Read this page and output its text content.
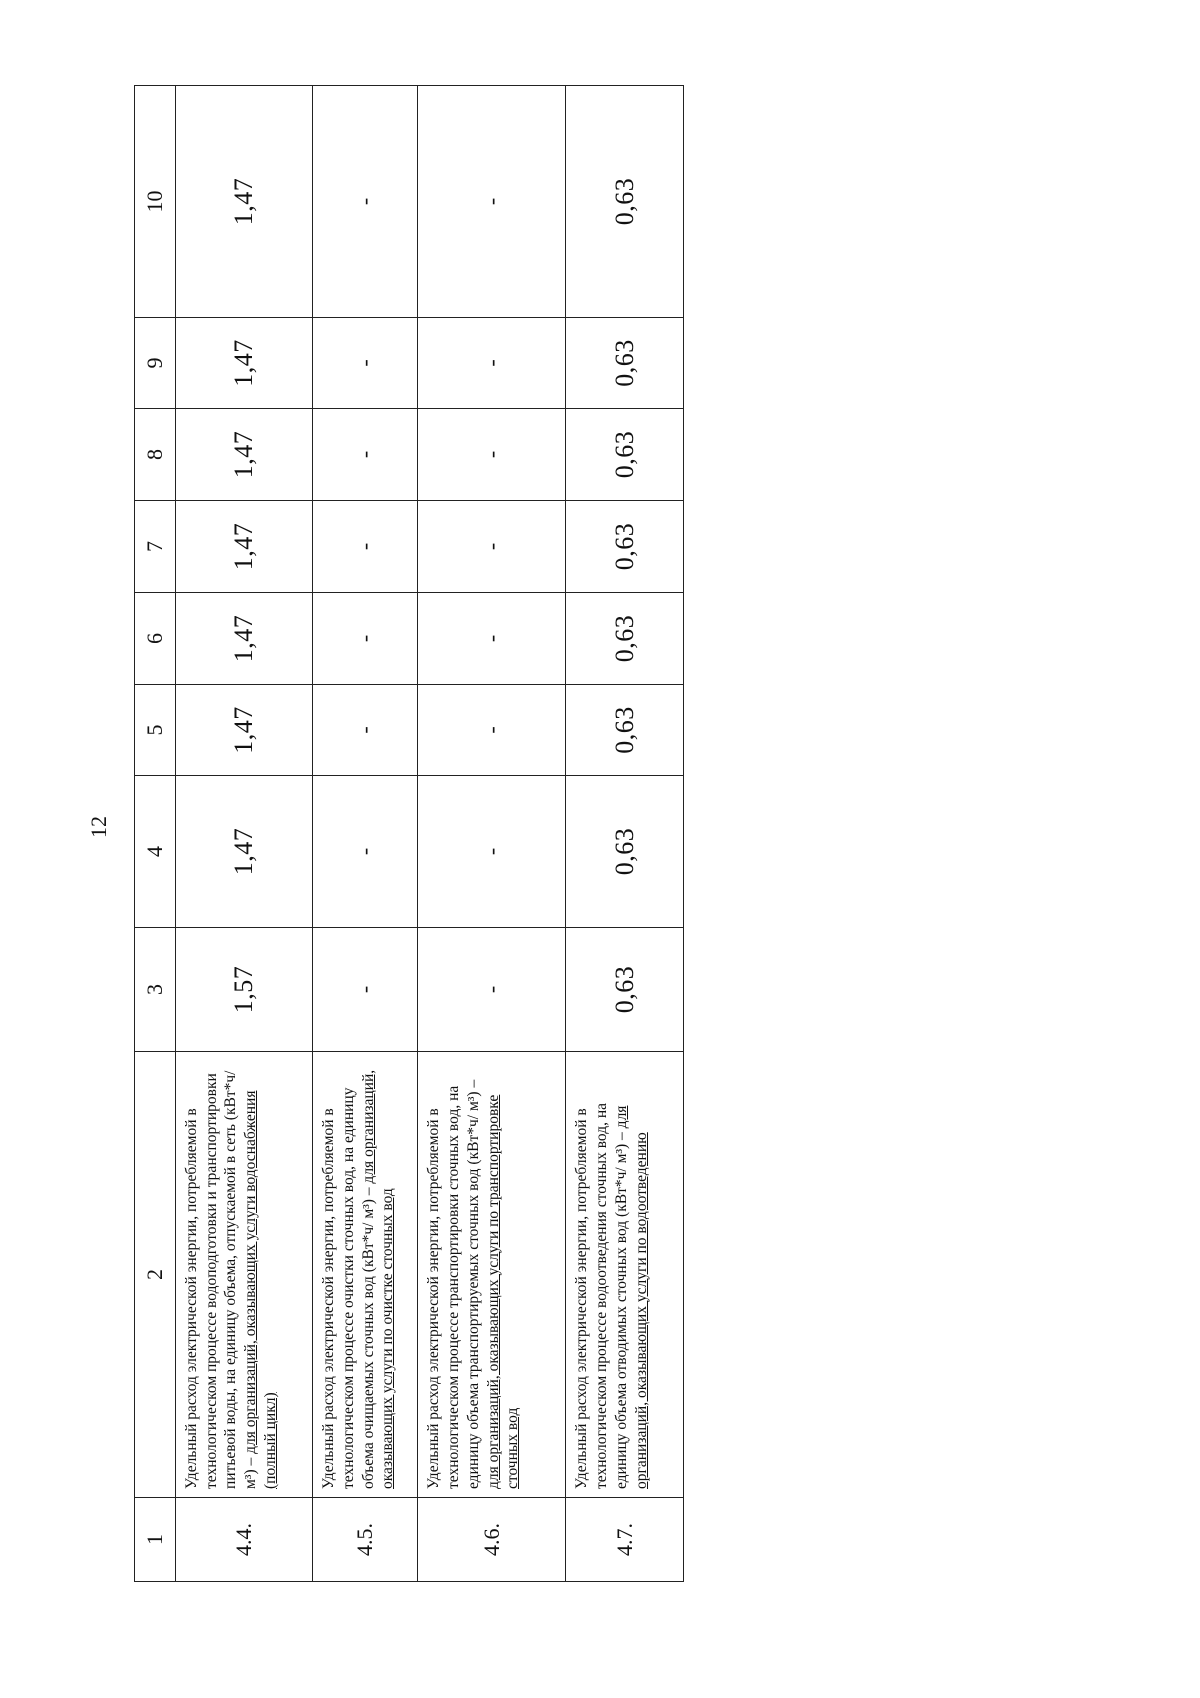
12
1	2	3	4	5	6	7	8	9	10
4.4.	Удельный расход электрической энергии, потребляемой в технологическом процессе водоподготовки и транспортировки питьевой воды, на единицу объема, отпускаемой в сеть (кВт*ч/м³) – для организаций, оказывающих услуги водоснабжения (полный цикл)	1,57	1,47	1,47	1,47	1,47	1,47	1,47	1,47
4.5.	Удельный расход электрической энергии, потребляемой в технологическом процессе очистки сточных вод, на единицу объема очищаемых сточных вод (кВт*ч/ м³) – для организаций, оказывающих услуги по очистке сточных вод	-	-	-	-	-	-	-	-
4.6.	Удельный расход электрической энергии, потребляемой в технологическом процессе транспортировки сточных вод, на единицу объема транспортируемых сточных вод (кВт*ч/ м³) – для организаций, оказывающих услуги по транспортировке сточных вод	-	-	-	-	-	-	-	-
4.7.	Удельный расход электрической энергии, потребляемой в технологическом процессе водоотведения сточных вод, на единицу объема отводимых сточных вод (кВт*ч/ м³) – для организаций, оказывающих услуги по водоотведению	0,63	0,63	0,63	0,63	0,63	0,63	0,63	0,63
